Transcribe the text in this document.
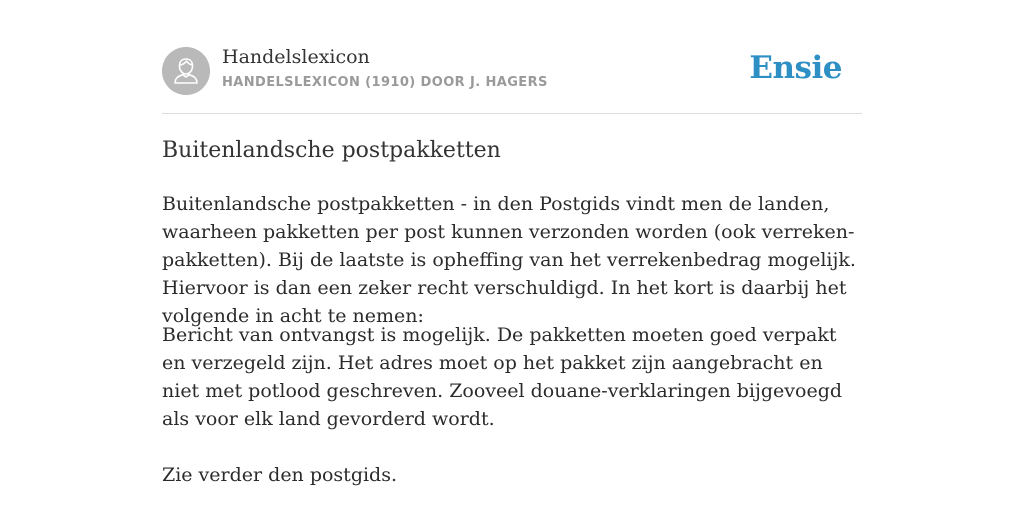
Handelslexicon
HANDELSLEXICON (1910) DOOR J. HAGERS	Ensie
Buitenlandsche postpakketten

Buitenlandsche postpakketten - in den Postgids vindt men de landen, waarheen pakketten per post kunnen verzonden worden (ook verreken-pakketten). Bij de laatste is opheffing van het verrekenbedrag mogelijk. Hiervoor is dan een zeker recht verschuldigd. In het kort is daarbij het volgende in acht te nemen:

Bericht van ontvangst is mogelijk. De pakketten moeten goed verpakt en verzegeld zijn. Het adres moet op het pakket zijn aangebracht en niet met potlood geschreven. Zooveel douane-verklaringen bijgevoegd als voor elk land gevorderd wordt.

Zie verder den postgids.
